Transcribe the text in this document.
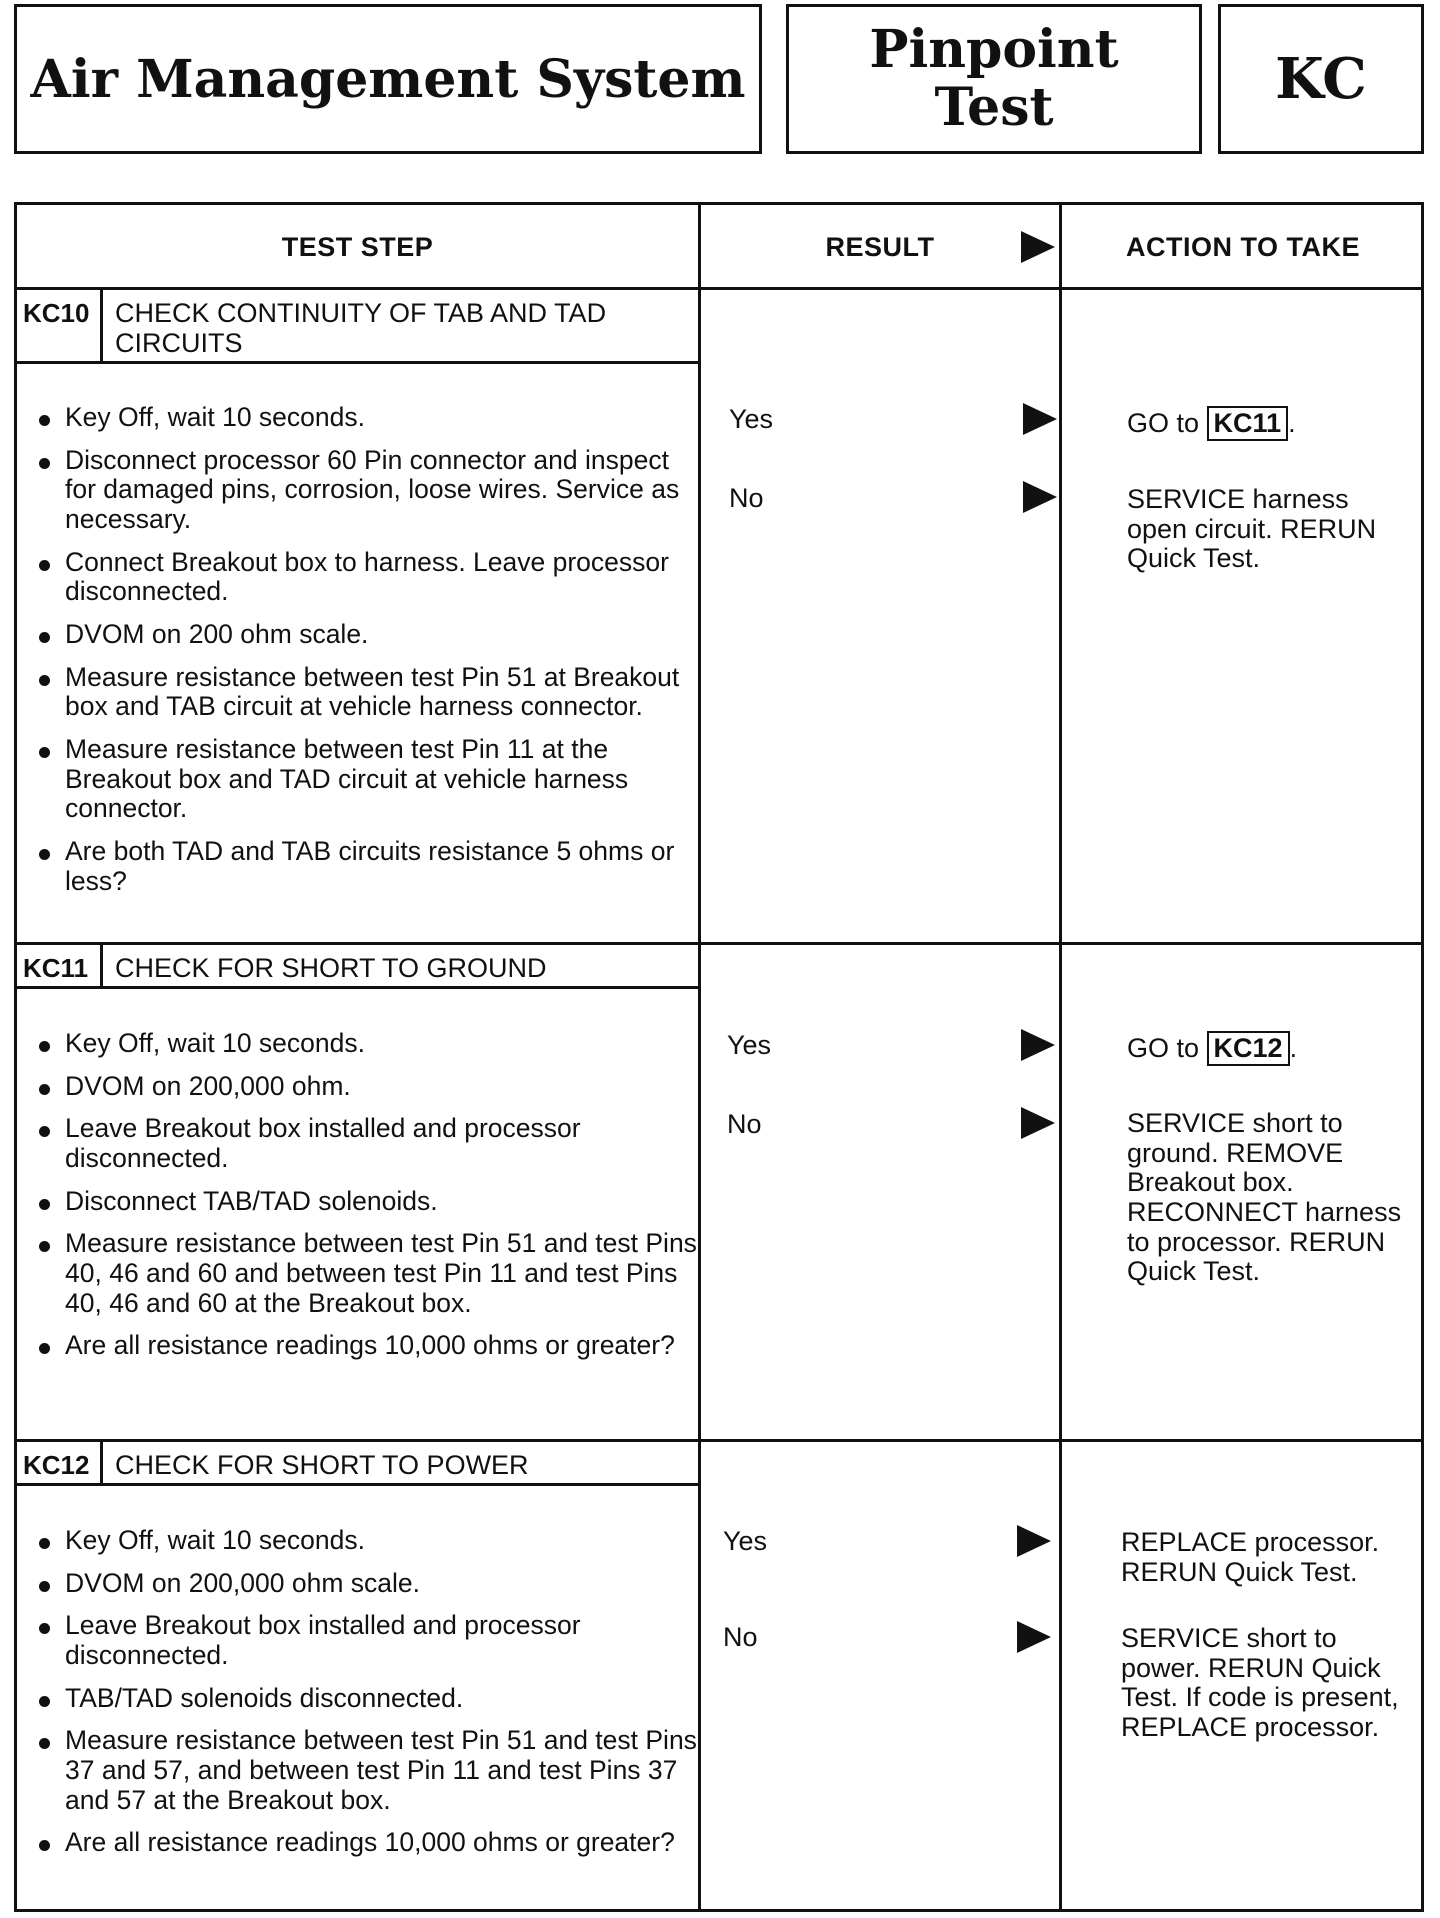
Air Management System Pinpoint
Test	KC
TEST STEP	RESULT	ACTION TO TAKE
KC10 CHECK CONTINUITY OF TAB AND TAD CIRCUITS
Key Off, wait 10 seconds.
Disconnect processor 60 Pin connector and inspect for damaged pins, corrosion, loose wires. Service as necessary.
Connect Breakout box to harness. Leave processor disconnected.
DVOM on 200 ohm scale.
Measure resistance between test Pin 51 at Breakout box and TAB circuit at vehicle harness connector.
Measure resistance between test Pin 11 at the Breakout box and TAD circuit at vehicle harness connector.
Are both TAD and TAB circuits resistance 5 ohms or less?
Yes	GO to KC11 .
No	SERVICE harness open circuit. RERUN Quick Test.
KC11 CHECK FOR SHORT TO GROUND
Key Off, wait 10 seconds.
DVOM on 200,000 ohm.
Leave Breakout box installed and processor disconnected.
Disconnect TAB/TAD solenoids.
Measure resistance between test Pin 51 and test Pins 40, 46 and 60 and between test Pin 11 and test Pins 40, 46 and 60 at the Breakout box.
Are all resistance readings 10,000 ohms or greater?
Yes	GO to KC12 .
No	SERVICE short to ground. REMOVE Breakout box. RECONNECT harness to processor. RERUN Quick Test.
KC12 CHECK FOR SHORT TO POWER
Key Off, wait 10 seconds.
DVOM on 200,000 ohm scale.
Leave Breakout box installed and processor disconnected.
TAB/TAD solenoids disconnected.
Measure resistance between test Pin 51 and test Pins 37 and 57, and between test Pin 11 and test Pins 37 and 57 at the Breakout box.
Are all resistance readings 10,000 ohms or greater?
Yes	REPLACE processor. RERUN Quick Test.
No	SERVICE short to power. RERUN Quick Test. If code is present, REPLACE processor.
